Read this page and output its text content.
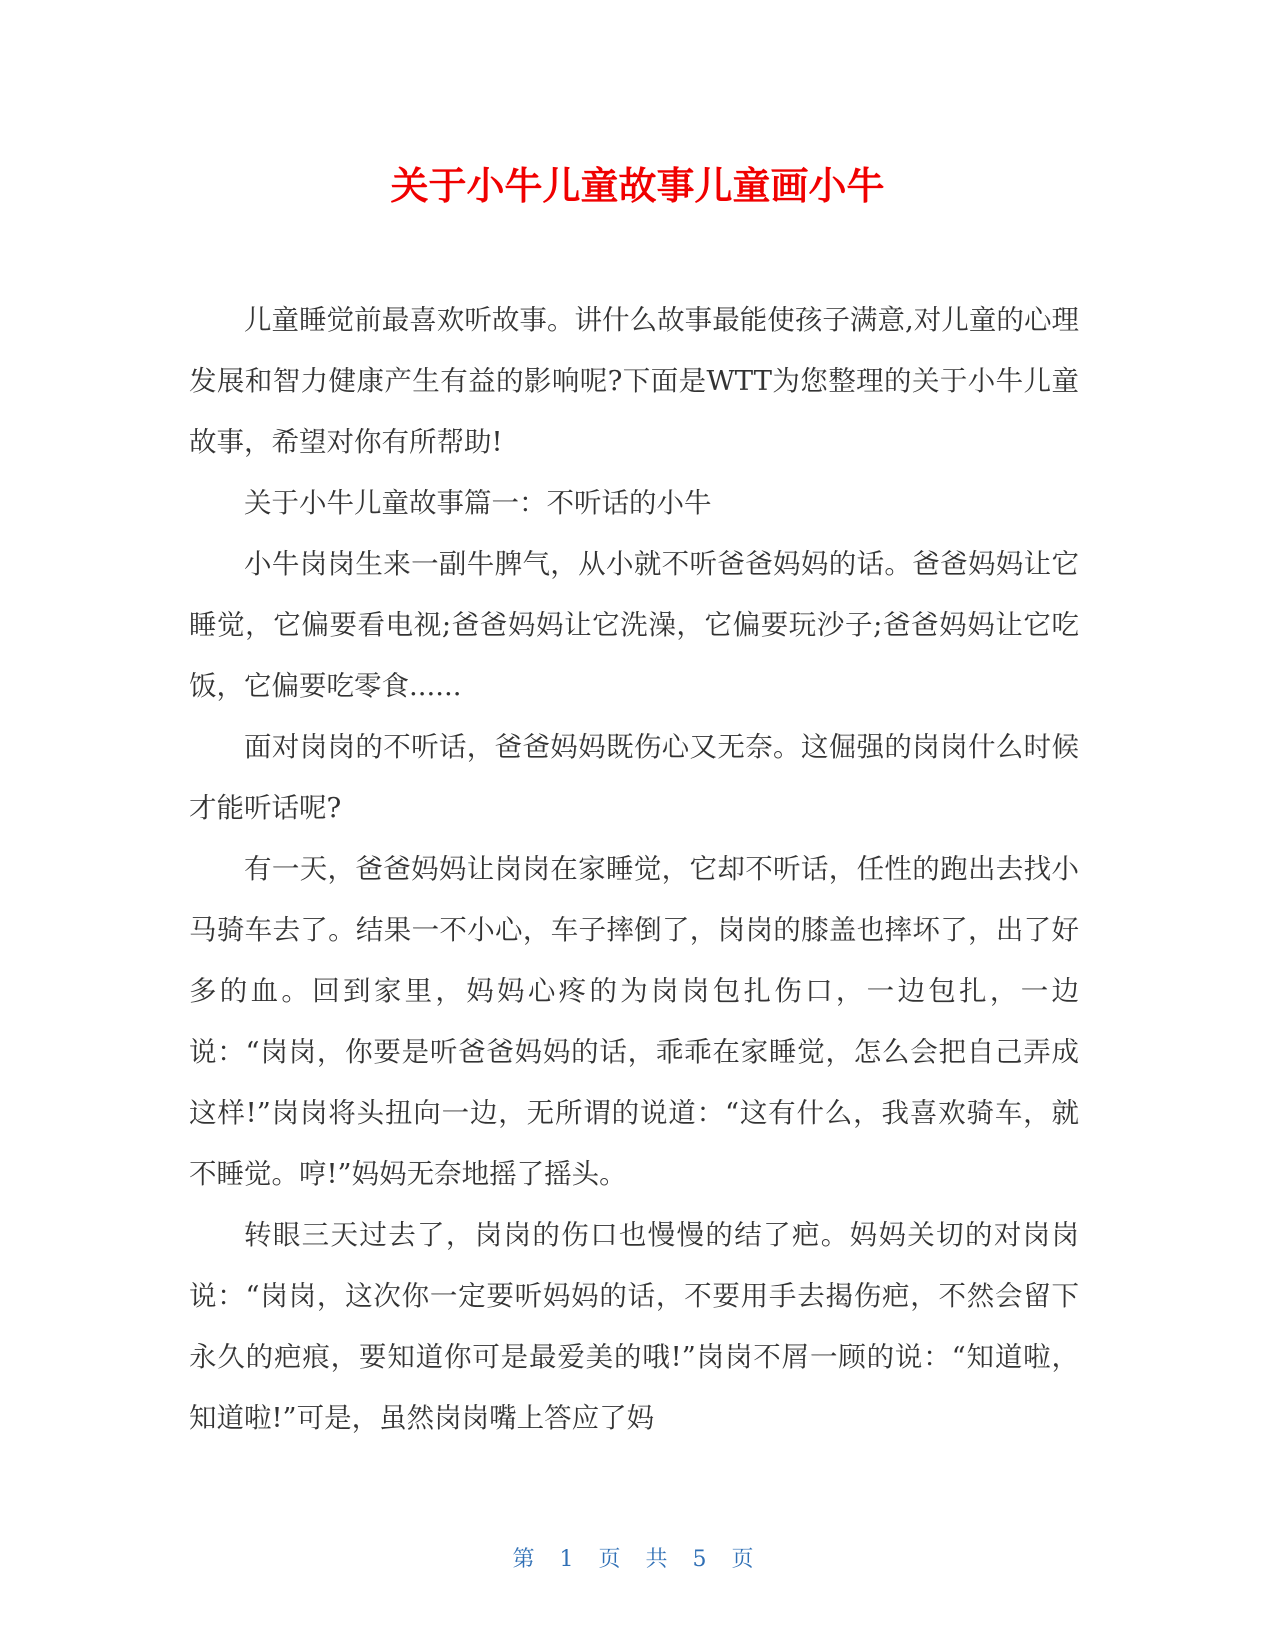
关于小牛儿童故事儿童画小牛

儿童睡觉前最喜欢听故事。讲什么故事最能使孩子满意,对儿童的心理发展和智力健康产生有益的影响呢?下面是WTT为您整理的关于小牛儿童故事，希望对你有所帮助!

关于小牛儿童故事篇一：不听话的小牛

小牛岗岗生来一副牛脾气，从小就不听爸爸妈妈的话。爸爸妈妈让它睡觉，它偏要看电视;爸爸妈妈让它洗澡，它偏要玩沙子;爸爸妈妈让它吃饭，它偏要吃零食......

面对岗岗的不听话，爸爸妈妈既伤心又无奈。这倔强的岗岗什么时候才能听话呢?

有一天，爸爸妈妈让岗岗在家睡觉，它却不听话，任性的跑出去找小马骑车去了。结果一不小心，车子摔倒了，岗岗的膝盖也摔坏了，出了好多的血。回到家里，妈妈心疼的为岗岗包扎伤口，一边包扎，一边说：“岗岗，你要是听爸爸妈妈的话，乖乖在家睡觉，怎么会把自己弄成这样!”岗岗将头扭向一边，无所谓的说道：“这有什么，我喜欢骑车，就不睡觉。哼!”妈妈无奈地摇了摇头。

转眼三天过去了，岗岗的伤口也慢慢的结了疤。妈妈关切的对岗岗说：“岗岗，这次你一定要听妈妈的话，不要用手去揭伤疤，不然会留下永久的疤痕，要知道你可是最爱美的哦!”岗岗不屑一顾的说：“知道啦，知道啦!”可是，虽然岗岗嘴上答应了妈

第 1 页 共 5 页
